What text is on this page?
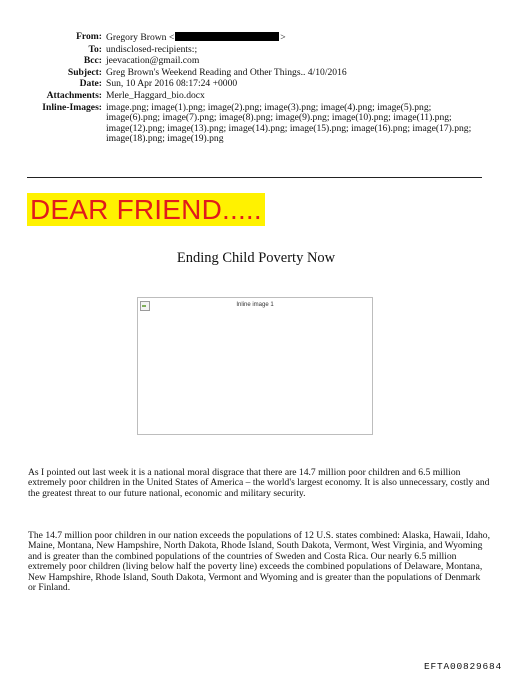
From: Gregory Brown <	>
To: undisclosed-recipients:;
Bcc: jeevacation@gmail.com
Subject: Greg Brown's Weekend Reading and Other Things.. 4/10/2016
Date: Sun, 10 Apr 2016 08:17:24 +0000
Attachments: Merle_Haggard_bio.docx
Inline-Images: image.png; image(1).png; image(2).png; image(3).png; image(4).png; image(5).png; image(6).png; image(7).png; image(8).png; image(9).png; image(10).png; image(11).png; image(12).png; image(13).png; image(14).png; image(15).png; image(16).png; image(17).png; image(18).png; image(19).png
DEAR FRIEND.....
Ending Child Poverty Now
Inline image 1
As I pointed out last week it is a national moral disgrace that there are 14.7 million poor children and 6.5 million extremely poor children in the United States of America – the world's largest economy. It is also unnecessary, costly and the greatest threat to our future national, economic and military security.
The 14.7 million poor children in our nation exceeds the populations of 12 U.S. states combined: Alaska, Hawaii, Idaho, Maine, Montana, New Hampshire, North Dakota, Rhode Island, South Dakota, Vermont, West Virginia, and Wyoming and is greater than the combined populations of the countries of Sweden and Costa Rica. Our nearly 6.5 million extremely poor children (living below half the poverty line) exceeds the combined populations of Delaware, Montana, New Hampshire, Rhode Island, South Dakota, Vermont and Wyoming and is greater than the populations of Denmark or Finland.
EFTA00829684
